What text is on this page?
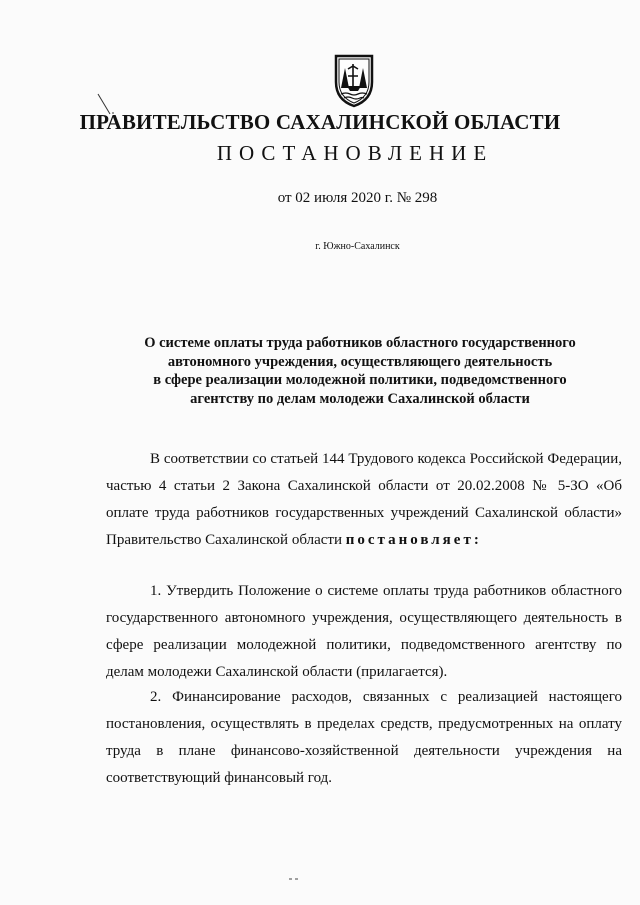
ПРАВИТЕЛЬСТВО САХАЛИНСКОЙ ОБЛАСТИ
ПОСТАНОВЛЕНИЕ

от 02 июля 2020 г. № 298

г. Южно-Сахалинск

О системе оплаты труда работников областного государственного
автономного учреждения, осуществляющего деятельность
в сфере реализации молодежной политики, подведомственного
агентству по делам молодежи Сахалинской области
В соответствии со статьей 144 Трудового кодекса Российской Федерации, частью 4 статьи 2 Закона Сахалинской области от 20.02.2008 № 5-ЗО «Об оплате труда работников государственных учреждений Сахалинской области» Правительство Сахалинской области постановляет:

1. Утвердить Положение о системе оплаты труда работников областного государственного автономного учреждения, осуществляющего деятельность в сфере реализации молодежной политики, подведомственного агентству по делам молодежи Сахалинской области (прилагается).

2. Финансирование расходов, связанных с реализацией настоящего постановления, осуществлять в пределах средств, предусмотренных на оплату труда в плане финансово-хозяйственной деятельности учреждения на соответствующий финансовый год.
